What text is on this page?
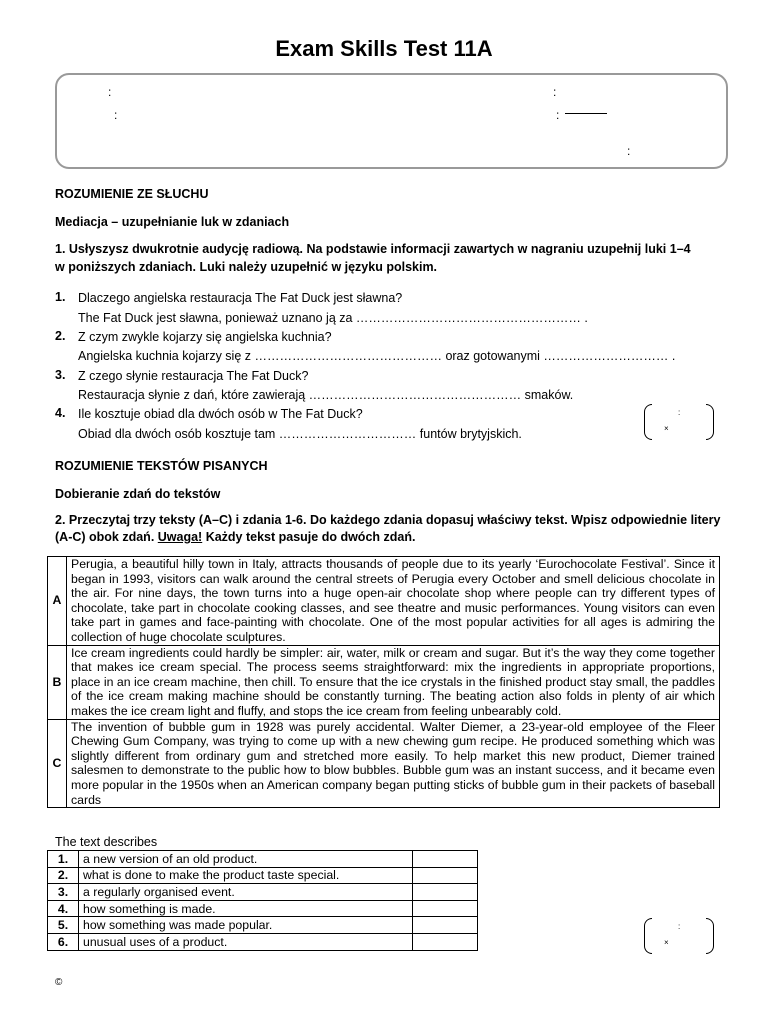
Exam Skills Test 11A
:
:
:
:
:
ROZUMIENIE ZE SŁUCHU
Mediacja – uzupełnianie luk w zdaniach
1. Usłyszysz dwukrotnie audycję radiową. Na podstawie informacji zawartych w nagraniu uzupełnij luki 1–4
w poniższych zdaniach. Luki należy uzupełnić w języku polskim.
1. Dlaczego angielska restauracja The Fat Duck jest sławna?
The Fat Duck jest sławna, ponieważ uznano ją za ……………………………………………… .
2. Z czym zwykle kojarzy się angielska kuchnia?
Angielska kuchnia kojarzy się z ……………………………………… oraz gotowanymi ………………………… .
3. Z czego słynie restauracja The Fat Duck?
Restauracja słynie z dań, które zawierają …………………………………………… smaków.
4. Ile kosztuje obiad dla dwóch osób w The Fat Duck?
Obiad dla dwóch osób kosztuje tam …………………………… funtów brytyjskich.
:
×
ROZUMIENIE TEKSTÓW PISANYCH
Dobieranie zdań do tekstów
2. Przeczytaj trzy teksty (A–C) i zdania 1-6. Do każdego zdania dopasuj właściwy tekst. Wpisz odpowiednie litery
(A-C) obok zdań. Uwaga! Każdy tekst pasuje do dwóch zdań.
A	Perugia, a beautiful hilly town in Italy, attracts thousands of people due to its yearly ‘Eurochocolate Festival’. Since it began in 1993, visitors can walk around the central streets of Perugia every October and smell delicious chocolate in the air. For nine days, the town turns into a huge open-air chocolate shop where people can try different types of chocolate, take part in chocolate cooking classes, and see theatre and music performances. Young visitors can even take part in games and face-painting with chocolate. One of the most popular activities for all ages is admiring the collection of huge chocolate sculptures.
B	Ice cream ingredients could hardly be simpler: air, water, milk or cream and sugar. But it’s the way they come together that makes ice cream special. The process seems straightforward: mix the ingredients in appropriate proportions, place in an ice cream machine, then chill. To ensure that the ice crystals in the finished product stay small, the paddles of the ice cream making machine should be constantly turning. The beating action also folds in plenty of air which makes the ice cream light and fluffy, and stops the ice cream from feeling unbearably cold.
C	The invention of bubble gum in 1928 was purely accidental. Walter Diemer, a 23-year-old employee of the Fleer Chewing Gum Company, was trying to come up with a new chewing gum recipe. He produced something which was slightly different from ordinary gum and stretched more easily. To help market this new product, Diemer trained salesmen to demonstrate to the public how to blow bubbles. Bubble gum was an instant success, and it became even more popular in the 1950s when an American company began putting sticks of bubble gum in their packets of baseball cards
The text describes
1.	a new version of an old product.	
2.	what is done to make the product taste special.	
3.	a regularly organised event.	
4.	how something is made.	
5.	how something was made popular.	
6.	unusual uses of a product.	
:
×
©
